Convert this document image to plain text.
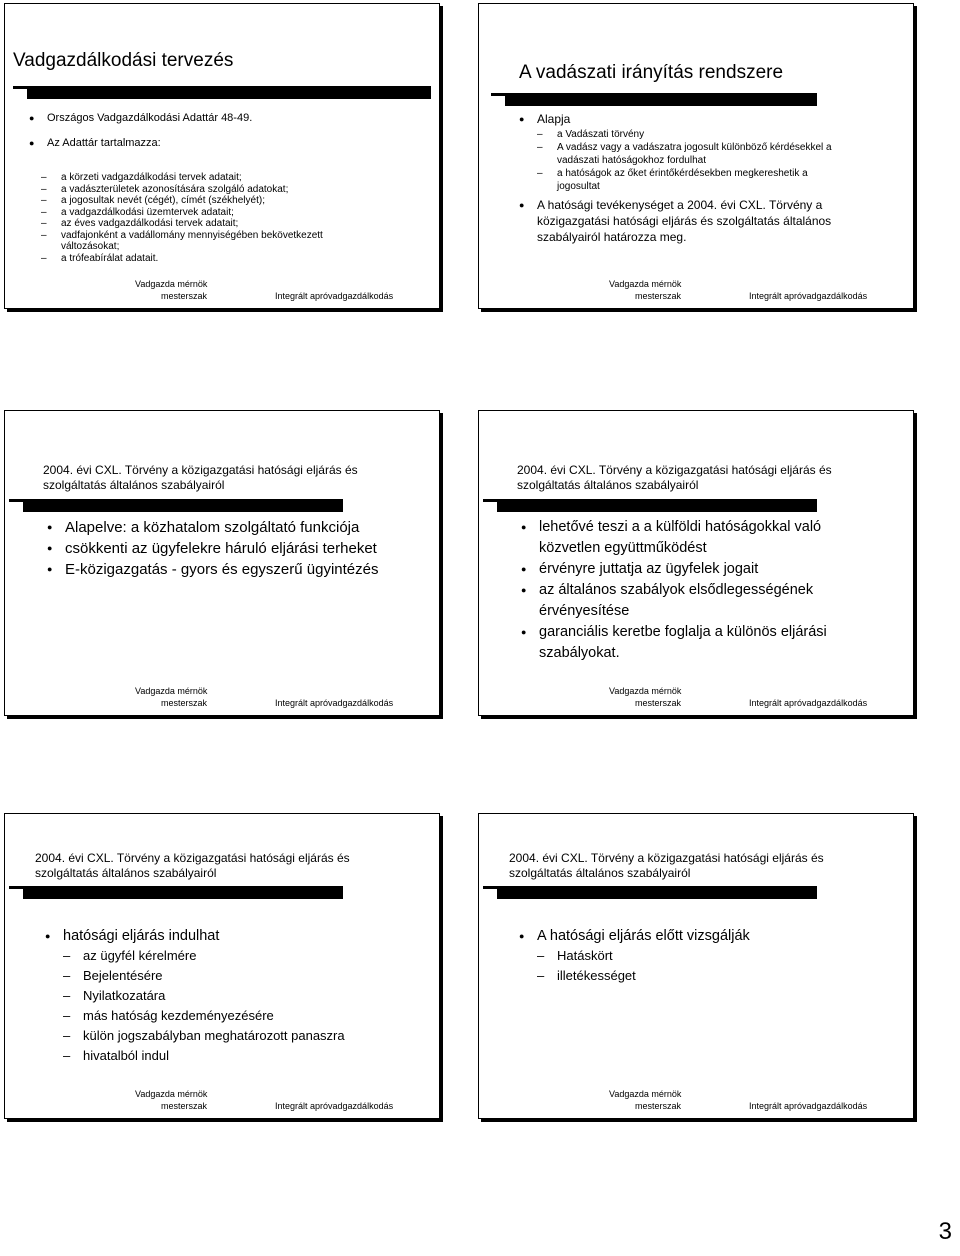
Vadgazdálkodási tervezés
● Országos Vadgazdálkodási Adattár 48-49.
● Az Adattár tartalmazza:
– a körzeti vadgazdálkodási tervek adatait;
– a vadászterületek azonosítására szolgáló adatokat;
– a jogosultak nevét (cégét), címét (székhelyét);
– a vadgazdálkodási üzemtervek adatait;
– az éves vadgazdálkodási tervek adatait;
– vadfajonként a vadállomány mennyiségében bekövetkezett változásokat;
– a trófeabírálat adatait.
Vadgazda mérnök
mesterszak	Integrált apróvadgazdálkodás
A vadászati irányítás rendszere
● Alapja
– a Vadászati törvény
– A vadász vagy a vadászatra jogosult különböző kérdésekkel a vadászati hatóságokhoz fordulhat
– a hatóságok az őket érintőkérdésekben megkereshetik a jogosultat
● A hatósági tevékenységet a 2004. évi CXL. Törvény a közigazgatási hatósági eljárás és szolgáltatás általános szabályairól határozza meg.
Vadgazda mérnök
mesterszak	Integrált apróvadgazdálkodás
2004. évi CXL. Törvény a közigazgatási hatósági eljárás és szolgáltatás általános szabályairól
● Alapelve: a közhatalom szolgáltató funkciója
● csökkenti az ügyfelekre háruló eljárási terheket
● E-közigazgatás - gyors és egyszerű ügyintézés
Vadgazda mérnök
mesterszak	Integrált apróvadgazdálkodás
2004. évi CXL. Törvény a közigazgatási hatósági eljárás és szolgáltatás általános szabályairól
● lehetővé teszi a a külföldi hatóságokkal való közvetlen együttműködést
● érvényre juttatja az ügyfelek jogait
● az általános szabályok elsődlegességének érvényesítése
● garanciális keretbe foglalja a különös eljárási szabályokat.
Vadgazda mérnök
mesterszak	Integrált apróvadgazdálkodás
2004. évi CXL. Törvény a közigazgatási hatósági eljárás és szolgáltatás általános szabályairól
● hatósági eljárás indulhat
– az ügyfél kérelmére
– Bejelentésére
– Nyilatkozatára
– más hatóság kezdeményezésére
– külön jogszabályban meghatározott panaszra
– hivatalból indul
Vadgazda mérnök
mesterszak	Integrált apróvadgazdálkodás
2004. évi CXL. Törvény a közigazgatási hatósági eljárás és szolgáltatás általános szabályairól
● A hatósági eljárás előtt vizsgálják
– Hatáskört
– illetékességet
Vadgazda mérnök
mesterszak	Integrált apróvadgazdálkodás
3
